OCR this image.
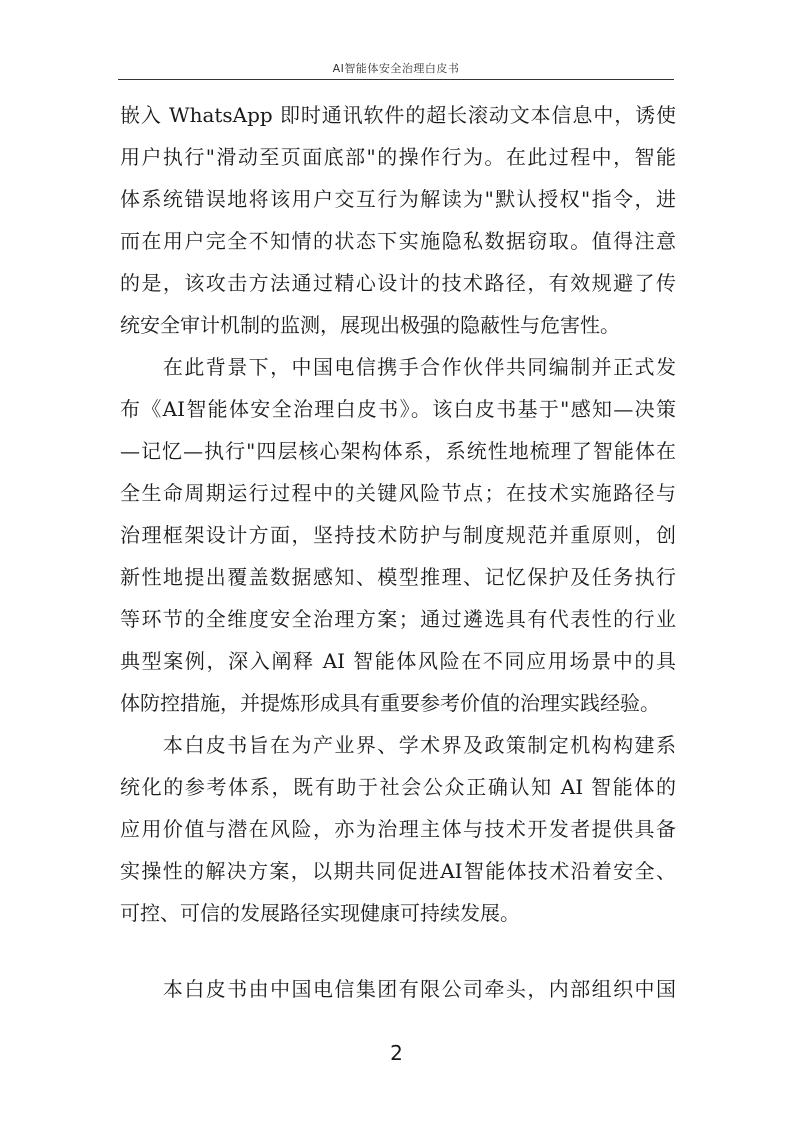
AI智能体安全治理白皮书
嵌入 WhatsApp 即时通讯软件的超长滚动文本信息中，诱使
用户执行"滑动至页面底部"的操作行为。在此过程中，智能
体系统错误地将该用户交互行为解读为"默认授权"指令，进
而在用户完全不知情的状态下实施隐私数据窃取。值得注意
的是，该攻击方法通过精心设计的技术路径，有效规避了传
统安全审计机制的监测，展现出极强的隐蔽性与危害性。
　　在此背景下，中国电信携手合作伙伴共同编制并正式发
布《AI智能体安全治理白皮书》。该白皮书基于"感知—决策
—记忆—执行"四层核心架构体系，系统性地梳理了智能体在
全生命周期运行过程中的关键风险节点；在技术实施路径与
治理框架设计方面，坚持技术防护与制度规范并重原则，创
新性地提出覆盖数据感知、模型推理、记忆保护及任务执行
等环节的全维度安全治理方案；通过遴选具有代表性的行业
典型案例，深入阐释 AI 智能体风险在不同应用场景中的具
体防控措施，并提炼形成具有重要参考价值的治理实践经验。
　　本白皮书旨在为产业界、学术界及政策制定机构构建系
统化的参考体系，既有助于社会公众正确认知 AI 智能体的
应用价值与潜在风险，亦为治理主体与技术开发者提供具备
实操性的解决方案，以期共同促进AI智能体技术沿着安全、
可控、可信的发展路径实现健康可持续发展。
　　本白皮书由中国电信集团有限公司牵头，内部组织中国
2
